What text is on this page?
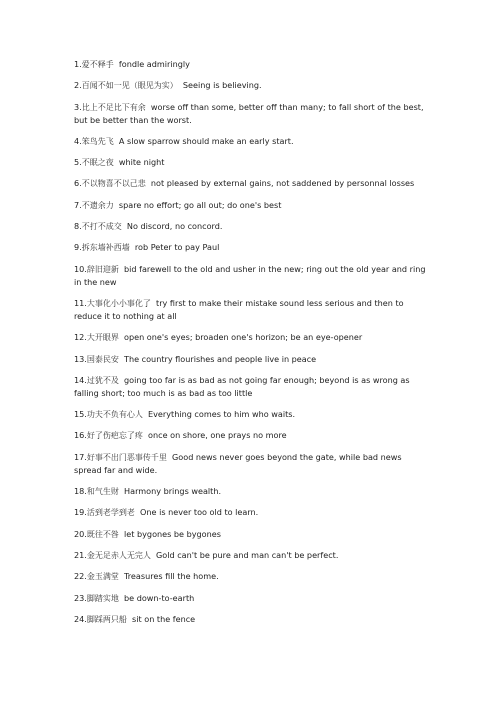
1.爱不释手 fondle admiringly

2.百闻不如一见（眼见为实） Seeing is believing.

3.比上不足比下有余 worse off than some, better off than many; to fall short of the best, but be better than the worst.

4.笨鸟先飞 A slow sparrow should make an early start.

5.不眠之夜 white night

6.不以物喜不以己悲 not pleased by external gains, not saddened by personnal losses

7.不遗余力 spare no effort; go all out; do one's best

8.不打不成交 No discord, no concord.

9.拆东墙补西墙 rob Peter to pay Paul

10.辞旧迎新 bid farewell to the old and usher in the new; ring out the old year and ring in the new

11.大事化小小事化了 try first to make their mistake sound less serious and then to reduce it to nothing at all

12.大开眼界 open one's eyes; broaden one's horizon; be an eye-opener

13.国泰民安 The country flourishes and people live in peace

14.过犹不及 going too far is as bad as not going far enough; beyond is as wrong as falling short; too much is as bad as too little

15.功夫不负有心人 Everything comes to him who waits.

16.好了伤疤忘了疼 once on shore, one prays no more

17.好事不出门恶事传千里 Good news never goes beyond the gate, while bad news spread far and wide.

18.和气生财 Harmony brings wealth.

19.活到老学到老 One is never too old to learn.

20.既往不咎 let bygones be bygones

21.金无足赤人无完人 Gold can't be pure and man can't be perfect.

22.金玉满堂 Treasures fill the home.

23.脚踏实地 be down-to-earth

24.脚踩两只船 sit on the fence
